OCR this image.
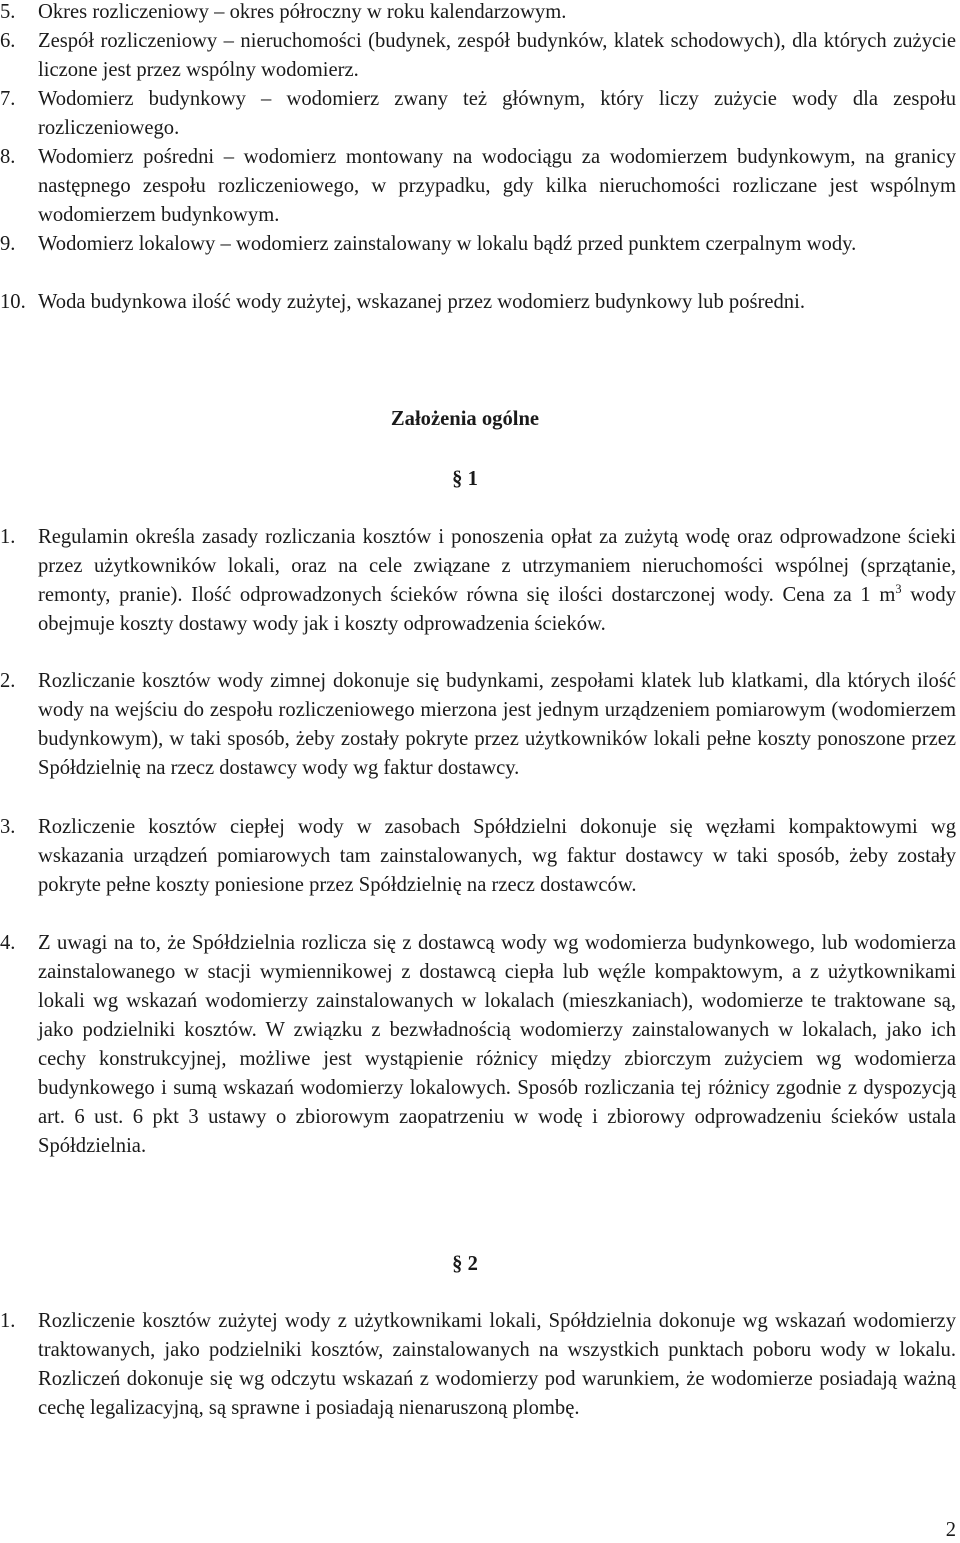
5.	Okres rozliczeniowy – okres półroczny w roku kalendarzowym.

6.	Zespół rozliczeniowy – nieruchomości (budynek, zespół budynków, klatek schodowych), dla których zużycie liczone jest przez wspólny wodomierz.

7.	Wodomierz budynkowy – wodomierz zwany też głównym, który liczy zużycie wody dla zespołu rozliczeniowego.

8.	Wodomierz pośredni – wodomierz montowany na wodociągu za wodomierzem budynkowym, na granicy następnego zespołu rozliczeniowego, w przypadku, gdy kilka nieruchomości rozliczane jest wspólnym wodomierzem budynkowym.

9.	Wodomierz lokalowy – wodomierz zainstalowany w lokalu bądź przed punktem czerpalnym wody.

10. Woda budynkowa ilość wody zużytej, wskazanej przez wodomierz budynkowy lub pośredni.

Założenia ogólne
§ 1
1.	Regulamin określa zasady rozliczania kosztów i ponoszenia opłat za zużytą wodę oraz odprowadzone ścieki przez użytkowników lokali, oraz na cele związane z utrzymaniem nieruchomości wspólnej (sprzątanie, remonty, pranie). Ilość odprowadzonych ścieków równa się ilości dostarczonej wody. Cena za 1 $m^3$ wody obejmuje koszty dostawy wody jak i koszty odprowadzenia ścieków.

2.	Rozliczanie kosztów wody zimnej dokonuje się budynkami, zespołami klatek lub klatkami, dla których ilość wody na wejściu do zespołu rozliczeniowego mierzona jest jednym urządzeniem pomiarowym (wodomierzem budynkowym), w taki sposób, żeby zostały pokryte przez użytkowników lokali pełne koszty ponoszone przez Spółdzielnię na rzecz dostawcy wody wg faktur dostawcy.

3.	Rozliczenie kosztów ciepłej wody w zasobach Spółdzielni dokonuje się węzłami kompaktowymi wg wskazania urządzeń pomiarowych tam zainstalowanych, wg faktur dostawcy w taki sposób, żeby zostały pokryte pełne koszty poniesione przez Spółdzielnię na rzecz dostawców.

4.	Z uwagi na to, że Spółdzielnia rozlicza się z dostawcą wody wg wodomierza budynkowego, lub wodomierza zainstalowanego w stacji wymiennikowej z dostawcą ciepła lub węźle kompaktowym, a z użytkownikami lokali wg wskazań wodomierzy zainstalowanych w lokalach (mieszkaniach), wodomierze te traktowane są, jako podzielniki kosztów. W związku z bezwładnością wodomierzy zainstalowanych w lokalach, jako ich cechy konstrukcyjnej, możliwe jest wystąpienie różnicy między zbiorczym zużyciem wg wodomierza budynkowego i sumą wskazań wodomierzy lokalowych. Sposób rozliczania tej różnicy zgodnie z dyspozycją art. 6 ust. 6 pkt 3 ustawy o zbiorowym zaopatrzeniu w wodę i zbiorowy odprowadzeniu ścieków ustala Spółdzielnia.

§ 2
1.	Rozliczenie kosztów zużytej wody z użytkownikami lokali, Spółdzielnia dokonuje wg wskazań wodomierzy traktowanych, jako podzielniki kosztów, zainstalowanych na wszystkich punktach poboru wody w lokalu. Rozliczeń dokonuje się wg odczytu wskazań z wodomierzy pod warunkiem, że wodomierze posiadają ważną cechę legalizacyjną, są sprawne i posiadają nienaruszoną plombę.

2
